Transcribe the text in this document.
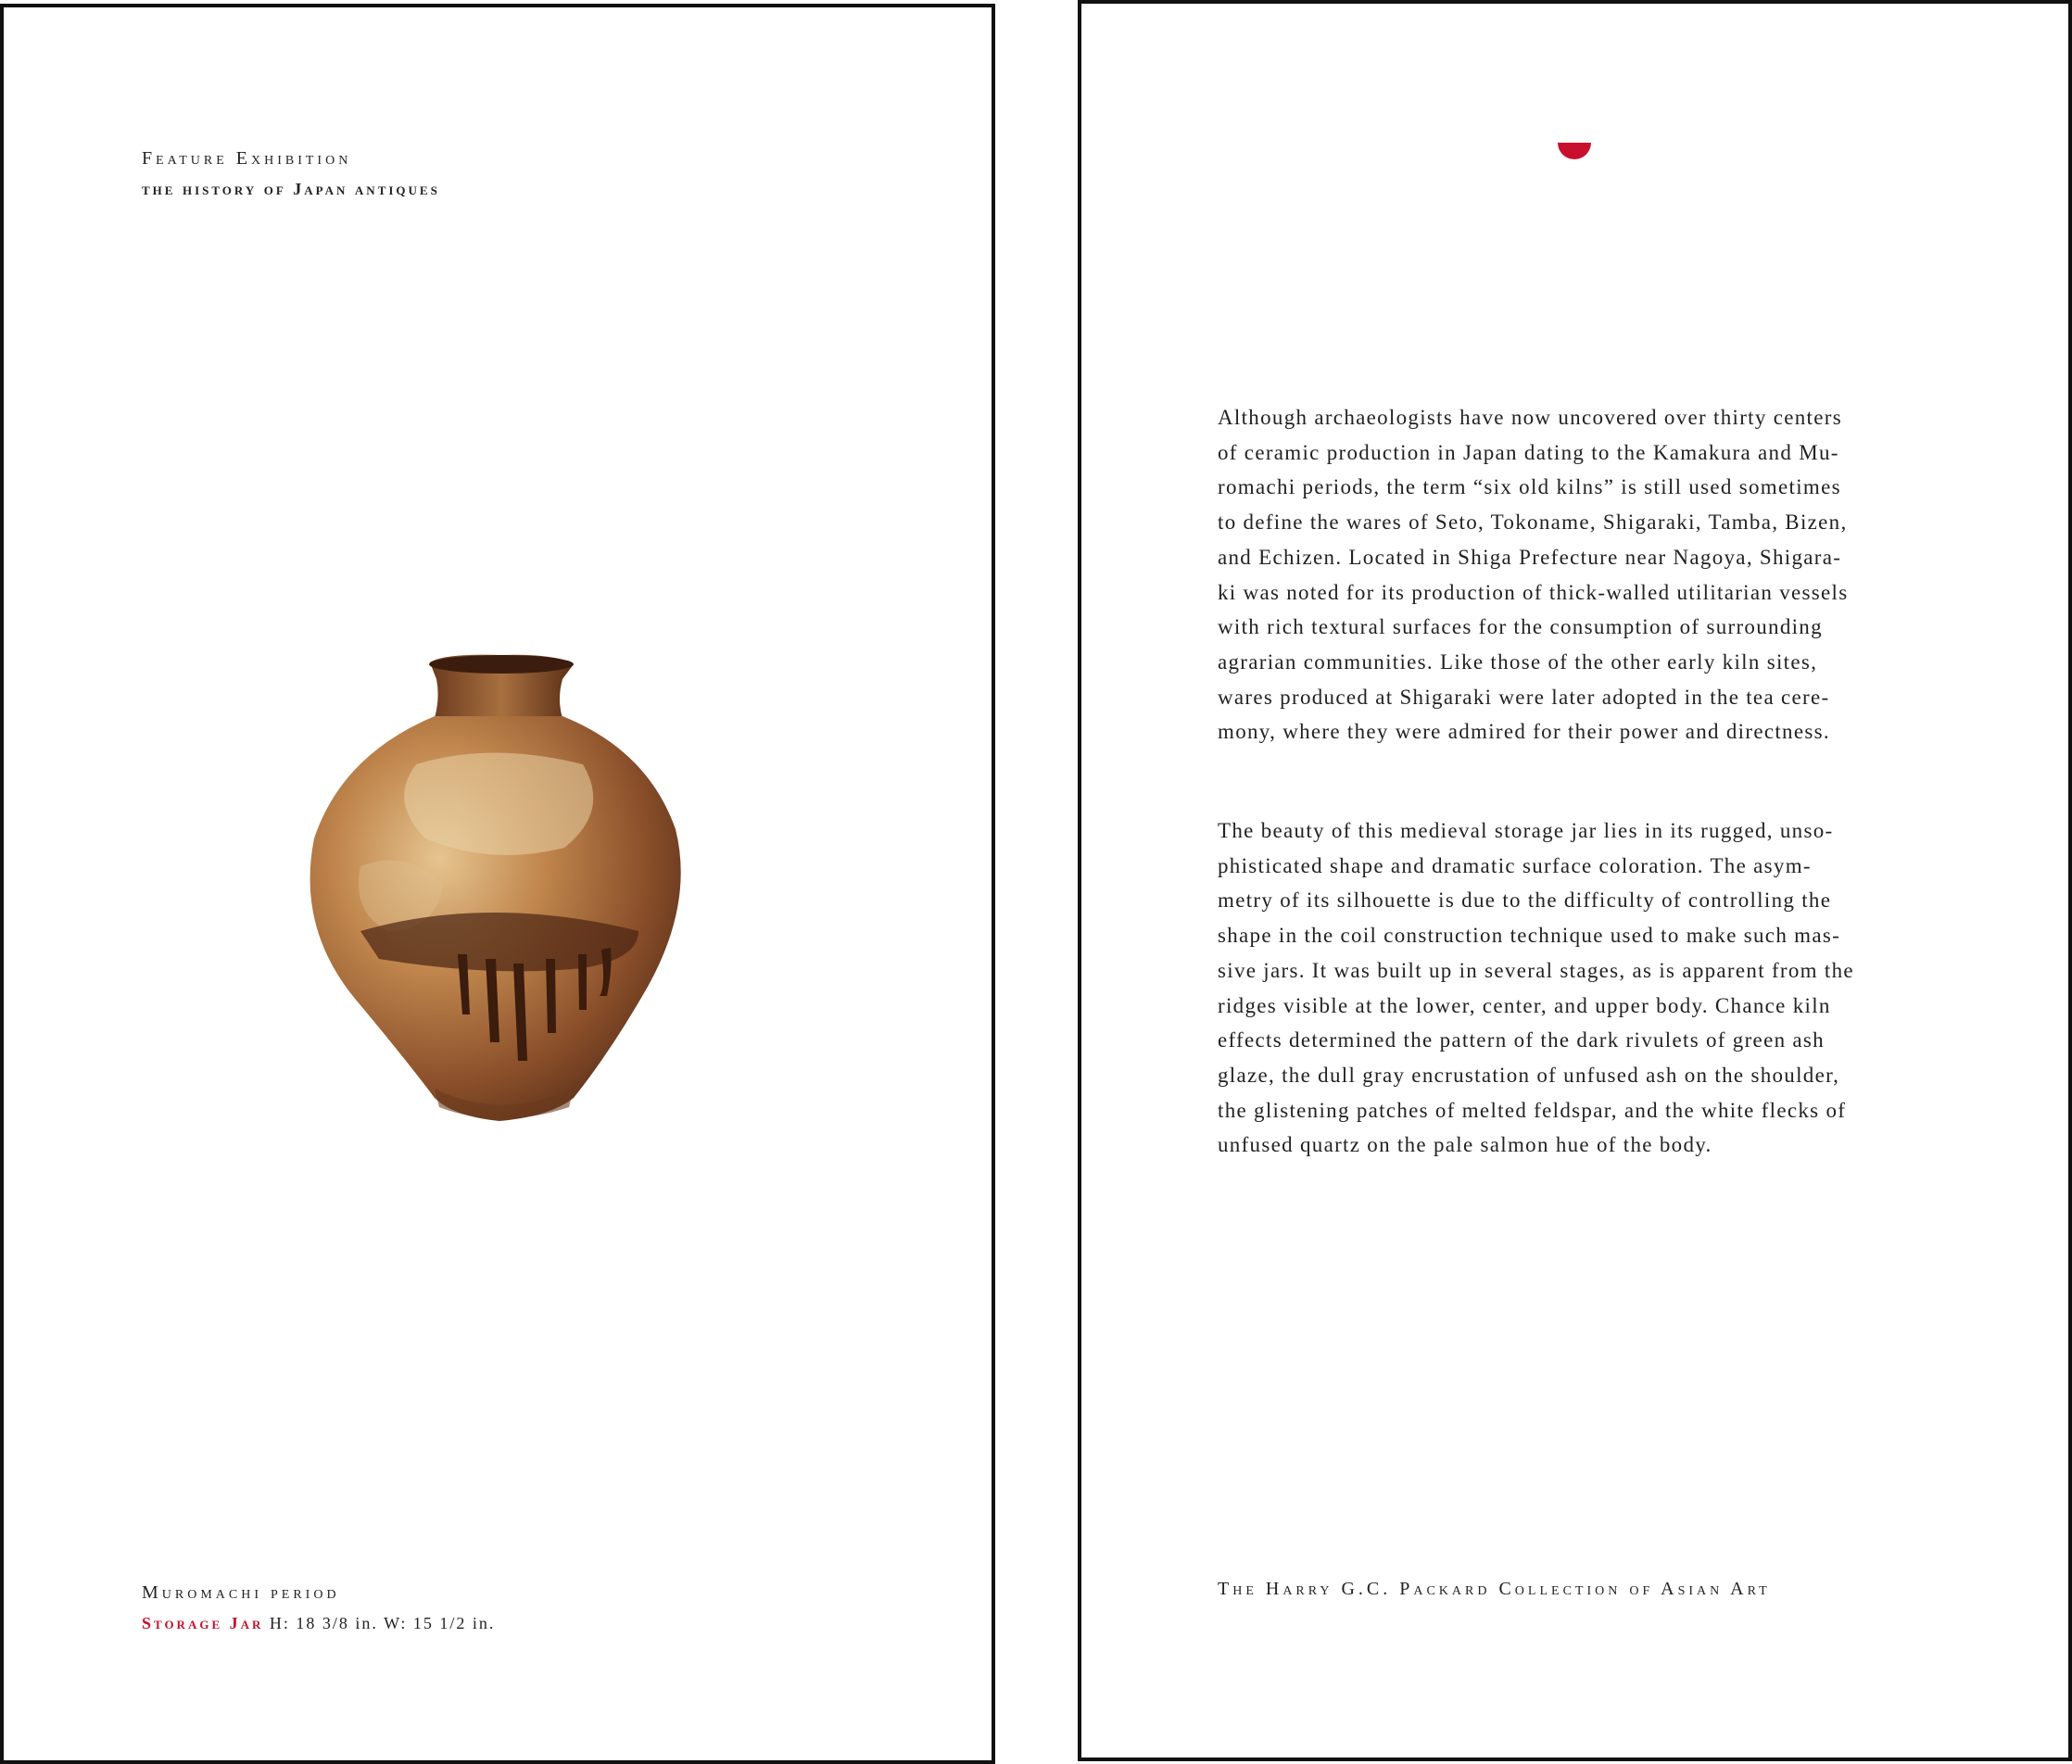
Feature Exhibition
the history of Japan antiques
Muromachi period
Storage Jar H: 18 3/8 in. W: 15 1/2 in.

Although archaeologists have now uncovered over thirty centers
of ceramic production in Japan dating to the Kamakura and Mu-
romachi periods, the term “six old kilns” is still used sometimes
to define the wares of Seto, Tokoname, Shigaraki, Tamba, Bizen,
and Echizen. Located in Shiga Prefecture near Nagoya, Shigara-
ki was noted for its production of thick-walled utilitarian vessels
with rich textural surfaces for the consumption of surrounding
agrarian communities. Like those of the other early kiln sites,
wares produced at Shigaraki were later adopted in the tea cere-
mony, where they were admired for their power and directness.

The beauty of this medieval storage jar lies in its rugged, unso-
phisticated shape and dramatic surface coloration. The asym-
metry of its silhouette is due to the difficulty of controlling the
shape in the coil construction technique used to make such mas-
sive jars. It was built up in several stages, as is apparent from the
ridges visible at the lower, center, and upper body. Chance kiln
effects determined the pattern of the dark rivulets of green ash
glaze, the dull gray encrustation of unfused ash on the shoulder,
the glistening patches of melted feldspar, and the white flecks of
unfused quartz on the pale salmon hue of the body.

The Harry G.C. Packard Collection of Asian Art
